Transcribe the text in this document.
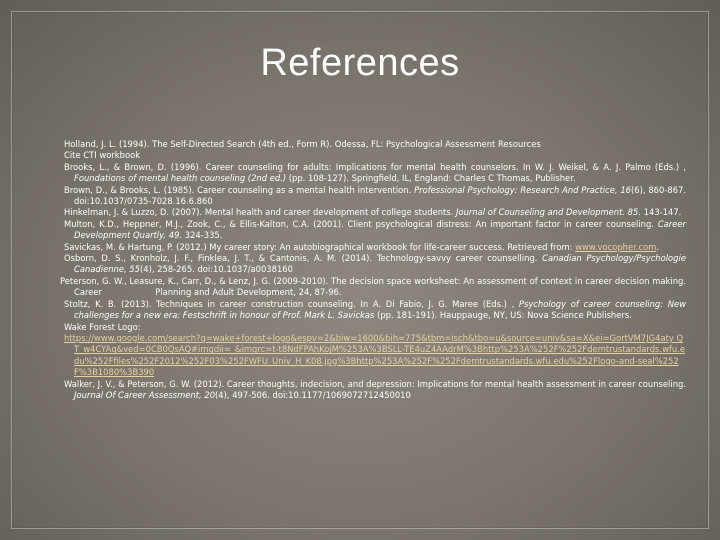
References

Holland, J. L. (1994). The Self-Directed Search (4th ed., Form R). Odessa, FL: Psychological Assessment Resources

Cite CTI workbook

Brooks, L., & Brown, D. (1996). Career counseling for adults: Implications for mental health counselors. In W. J. Weikel, & A. J. Palmo (Eds.) , Foundations of mental health counseling (2nd ed.) (pp. 108-127). Springfield, IL, England: Charles C Thomas, Publisher.

Brown, D., & Brooks, L. (1985). Career counseling as a mental health intervention. Professional Psychology: Research And Practice, 16(6), 860-867. doi:10.1037/0735-7028.16.6.860

Hinkelman, J. & Luzzo, D. (2007). Mental health and career development of college students. Journal of Counseling and Development. 85. 143-147.

Multon, K.D., Heppner, M.J., Zook, C., & Ellis-Kalton, C.A. (2001). Client psychological distress: An important factor in career counseling. Career Development Quartly, 49. 324-335.

Savickas, M. & Hartung, P. (2012.) My career story: An autobiographical workbook for life-career success. Retrieved from: www.vocopher.com.

Osborn, D. S., Kronholz, J. F., Finklea, J. T., & Cantonis, A. M. (2014). Technology-savvy career counselling. Canadian Psychology/Psychologie Canadienne, 55(4), 258-265. doi:10.1037/a0038160

Peterson, G. W., Leasure, K., Carr, D., & Lenz, J. G. (2009-2010). The decision space worksheet: An assessment of context in career decision making. Career                    Planning and Adult Development, 24, 87-96.

Stoltz, K. B. (2013). Techniques in career construction counseling. In A. Di Fabio, J. G. Maree (Eds.) , Psychology of career counseling: New challenges for a new era: Festschrift in honour of Prof. Mark L. Savickas (pp. 181-191). Hauppauge, NY, US: Nova Science Publishers.

Wake Forest Logo:

https://www.google.com/search?q=wake+forest+logo&espv=2&biw=1600&bih=775&tbm=isch&tbo=u&source=univ&sa=X&ei=GortVM7JG4aty QT_w4CYAg&ved=0CB0QsAQ#imgdii=_&imgrc=t-t8NdFPAhKojM%253A%3BSLL-TE4uZ4AAdrM%3Bhttp%253A%252F%252Fdemtrustandards.wfu.edu%252Ffiles%252F2012%252F03%252FWFU_Univ_H_K08.jpg%3Bhttp%253A%252F%252Fdemtrustandards.wfu.edu%252Flogo-and-seal%252F%3B1080%3B390

Walker, J. V., & Peterson, G. W. (2012). Career thoughts, indecision, and depression: Implications for mental health assessment in career counseling. Journal Of Career Assessment, 20(4), 497-506. doi:10.1177/1069072712450010
